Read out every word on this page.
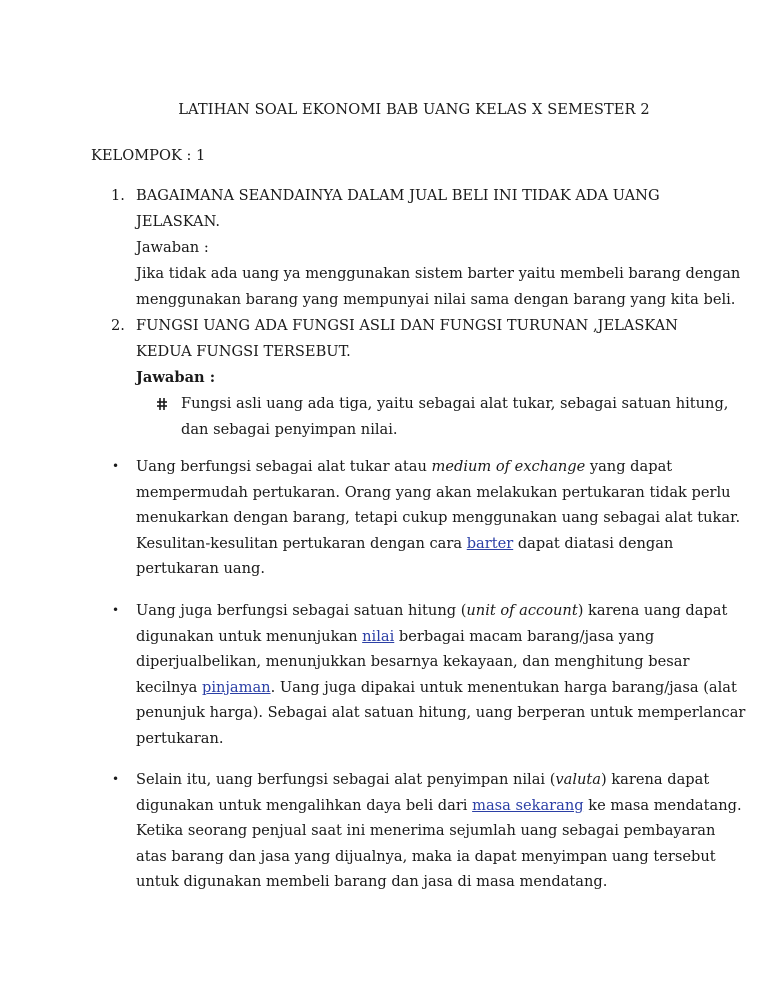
LATIHAN SOAL EKONOMI BAB UANG KELAS X SEMESTER 2
KELOMPOK : 1
1. BAGAIMANA SEANDAINYA DALAM JUAL BELI INI TIDAK ADA UANG
JELASKAN.
Jawaban :
Jika tidak ada uang ya menggunakan sistem barter yaitu membeli barang dengan
menggunakan barang yang mempunyai nilai sama dengan barang yang kita beli.
2. FUNGSI UANG ADA FUNGSI ASLI DAN FUNGSI TURUNAN ,JELASKAN
KEDUA FUNGSI TERSEBUT.
Jawaban :
Fungsi asli uang ada tiga, yaitu sebagai alat tukar, sebagai satuan hitung,
dan sebagai penyimpan nilai.
• Uang berfungsi sebagai alat tukar atau medium of exchange yang dapat
mempermudah pertukaran. Orang yang akan melakukan pertukaran tidak perlu
menukarkan dengan barang, tetapi cukup menggunakan uang sebagai alat tukar.
Kesulitan-kesulitan pertukaran dengan cara barter dapat diatasi dengan
pertukaran uang.
• Uang juga berfungsi sebagai satuan hitung (unit of account) karena uang dapat
digunakan untuk menunjukan nilai berbagai macam barang/jasa yang
diperjualbelikan, menunjukkan besarnya kekayaan, dan menghitung besar
kecilnya pinjaman. Uang juga dipakai untuk menentukan harga barang/jasa (alat
penunjuk harga). Sebagai alat satuan hitung, uang berperan untuk memperlancar
pertukaran.
• Selain itu, uang berfungsi sebagai alat penyimpan nilai (valuta) karena dapat
digunakan untuk mengalihkan daya beli dari masa sekarang ke masa mendatang.
Ketika seorang penjual saat ini menerima sejumlah uang sebagai pembayaran
atas barang dan jasa yang dijualnya, maka ia dapat menyimpan uang tersebut
untuk digunakan membeli barang dan jasa di masa mendatang.
